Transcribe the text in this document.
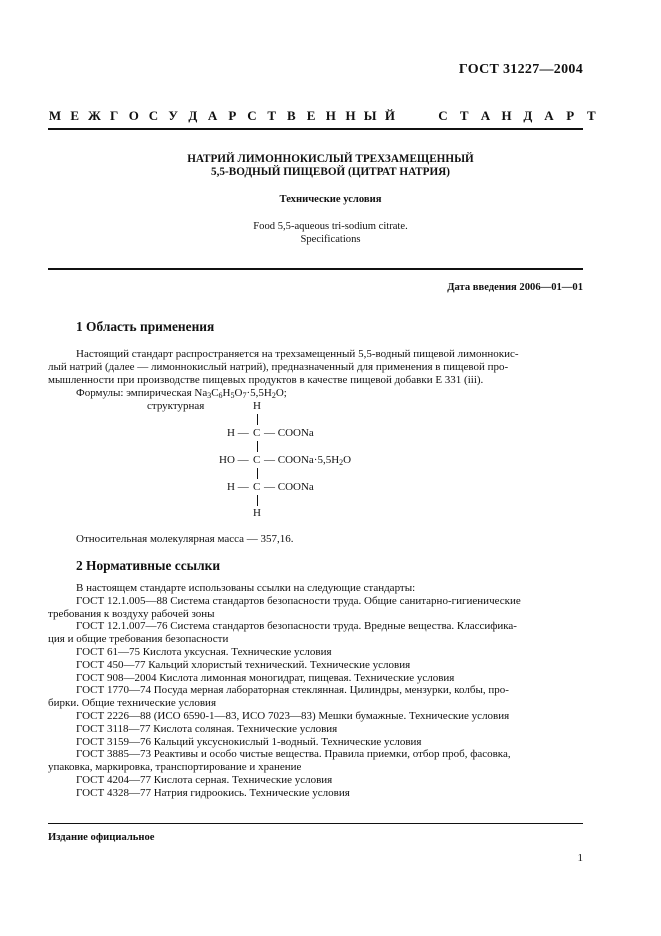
ГОСТ 31227—2004
М Е Ж Г О С У Д А Р С Т В Е Н Н Ы Й	С Т А Н Д А Р Т
НАТРИЙ ЛИМОННОКИСЛЫЙ ТРЕХЗАМЕЩЕННЫЙ
5,5-ВОДНЫЙ ПИЩЕВОЙ (ЦИТРАТ НАТРИЯ)
Технические условия
Food 5,5-aqueous tri-sodium citrate.
Specifications
Дата введения 2006—01—01
1 Область применения
Настоящий стандарт распространяется на трехзамещенный 5,5-водный пищевой лимоннокис-
лый натрий (далее — лимоннокислый натрий), предназначенный для применения в пищевой про-
мышленности при производстве пищевых продуктов в качестве пищевой добавки Е 331 (iii).
Формулы: эмпирическая $Na_3C_6H_5O_7\cdot 5,5H_2O$;
структурная	H
H — C — COONa
HO — C — $COONa\cdot 5,5H_2O$
H — C — COONa
H
Относительная молекулярная масса — 357,16.
2 Нормативные ссылки
В настоящем стандарте использованы ссылки на следующие стандарты:
ГОСТ 12.1.005—88 Система стандартов безопасности труда. Общие санитарно-гигиенические
требования к воздуху рабочей зоны
ГОСТ 12.1.007—76 Система стандартов безопасности труда. Вредные вещества. Классифика-
ция и общие требования безопасности
ГОСТ 61—75 Кислота уксусная. Технические условия
ГОСТ 450—77 Кальций хлористый технический. Технические условия
ГОСТ 908—2004 Кислота лимонная моногидрат, пищевая. Технические условия
ГОСТ 1770—74 Посуда мерная лабораторная стеклянная. Цилиндры, мензурки, колбы, про-
бирки. Общие технические условия
ГОСТ 2226—88 (ИСО 6590-1—83, ИСО 7023—83) Мешки бумажные. Технические условия
ГОСТ 3118—77 Кислота соляная. Технические условия
ГОСТ 3159—76 Кальций уксуснокислый 1-водный. Технические условия
ГОСТ 3885—73 Реактивы и особо чистые вещества. Правила приемки, отбор проб, фасовка,
упаковка, маркировка, транспортирование и хранение
ГОСТ 4204—77 Кислота серная. Технические условия
ГОСТ 4328—77 Натрия гидроокись. Технические условия
Издание официальное
1
